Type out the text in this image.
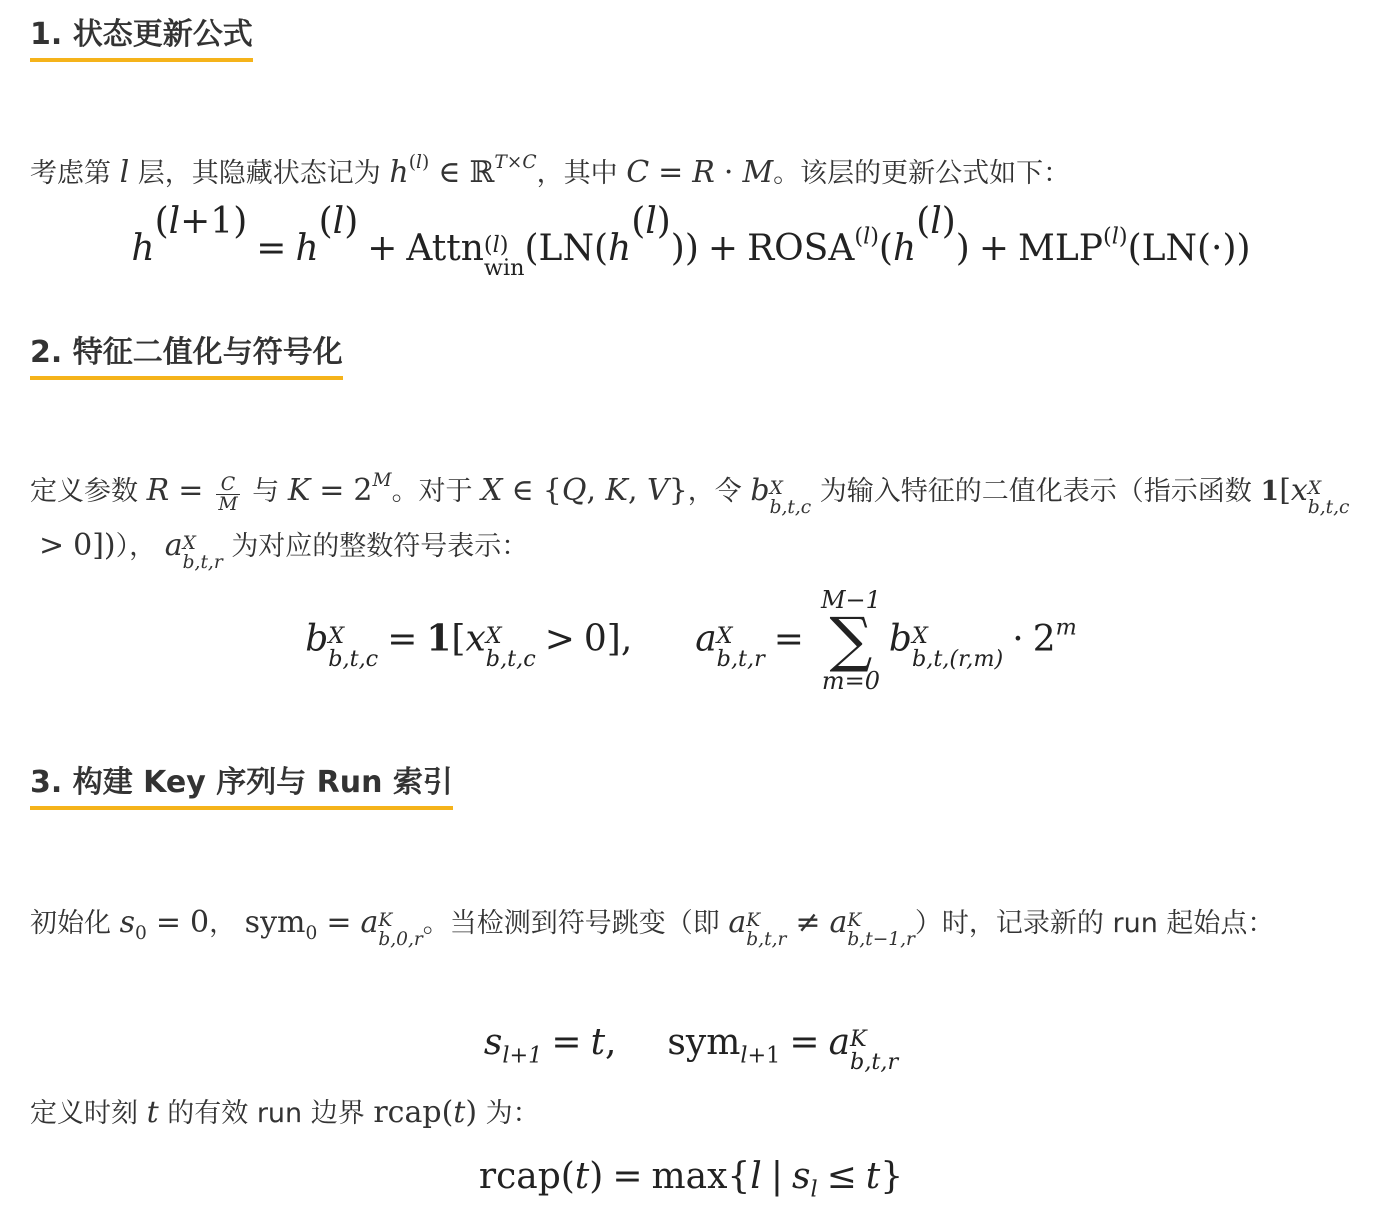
1. 状态更新公式

考虑第 l 层，其隐藏状态记为 $h^{(l)}$ ∈ ℝ$^{T\times C}$，其中 C = R · M。该层的更新公式如下：

h(l+1)= h(l)+ Attn (l)
win $(LN(h(l))) + ROSA^{(l)}(h(l)) + MLP^{(l)}(LN(\cdot))$
2. 特征二值化与符号化

定义参数 $R = \frac{C}{M}$ 与 $K = 2^M$。对于 X ∈ {Q, K, V}，令 b X
b,t,c
为输入特征的二值化表示（指示函数 1[x X
b,t,c
> 0])）， a X
b,t,r
为对应的整数符号表示：

b X
b,t,c = 1[x X
b,t,c > 0], a X
b,t,r =
M−1
∑
m=0
b X
$b,t,(r,m) \cdot 2^m$
3. 构建 Key 序列与 Run 索引

初始化 $s_0 = 0$， sym$_0$ = a K
b,0,r
。当检测到符号跳变（即 a K
b,t,r ≠ a K
b,t−1,r
）时，记录新的 run 起始点：

$s_{l+1} = t$, sym$_{l+1}$ = a K
b,t,r

定义时刻 t 的有效 run 边界 rcap(t) 为：

rcap(t) = max{l | $s_l \le t$}
